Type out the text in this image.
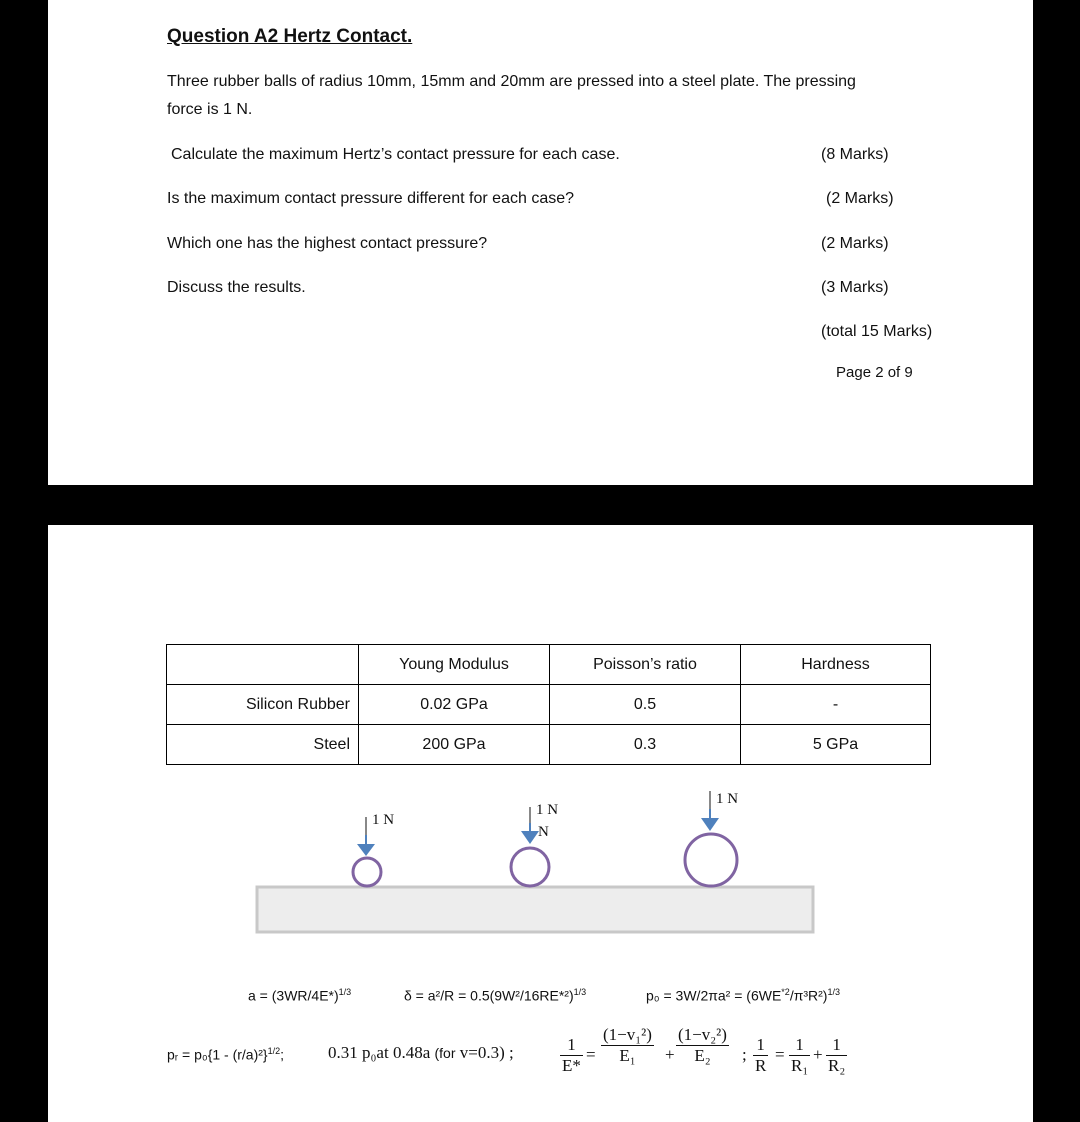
Question A2 Hertz Contact.
Three rubber balls of radius 10mm, 15mm and 20mm are pressed into a steel plate. The pressing
force is 1 N.
Calculate the maximum Hertz’s contact pressure for each case.	(8 Marks)
Is the maximum contact pressure different for each case?	(2 Marks)
Which one has the highest contact pressure?	(2 Marks)
Discuss the results.	(3 Marks)
(total 15 Marks)
Page 2 of 9
	Young Modulus	Poisson’s ratio	Hardness
Silicon Rubber	0.02 GPa	0.5	-
Steel	200 GPa	0.3	5 GPa
1 N
1 N
N
1 N
$a = (3WR/4E*)^{1/3}$	$\delta = a^2/R = 0.5(9W^2/16RE*^2)^{1/3}$	$p_0 = 3W/2\pi a^2 = (6WE^{*2}/\pi^3R^2)^{1/3}$
pᵣ = p₀{1 - (r/a)²}$^{1/2}$;	0.31 p₀at 0.48a (for v=0.3) ;	$\frac{1}{E*} = \frac{\text{(1−v₁²)}}{\text{E₁}} + \frac{\text{(1−v₂²)}}{\text{E₂}}$ ; $\frac{1}{R} = \frac{1}{\text{R₁}} + \frac{1}{\text{R₂}}$
